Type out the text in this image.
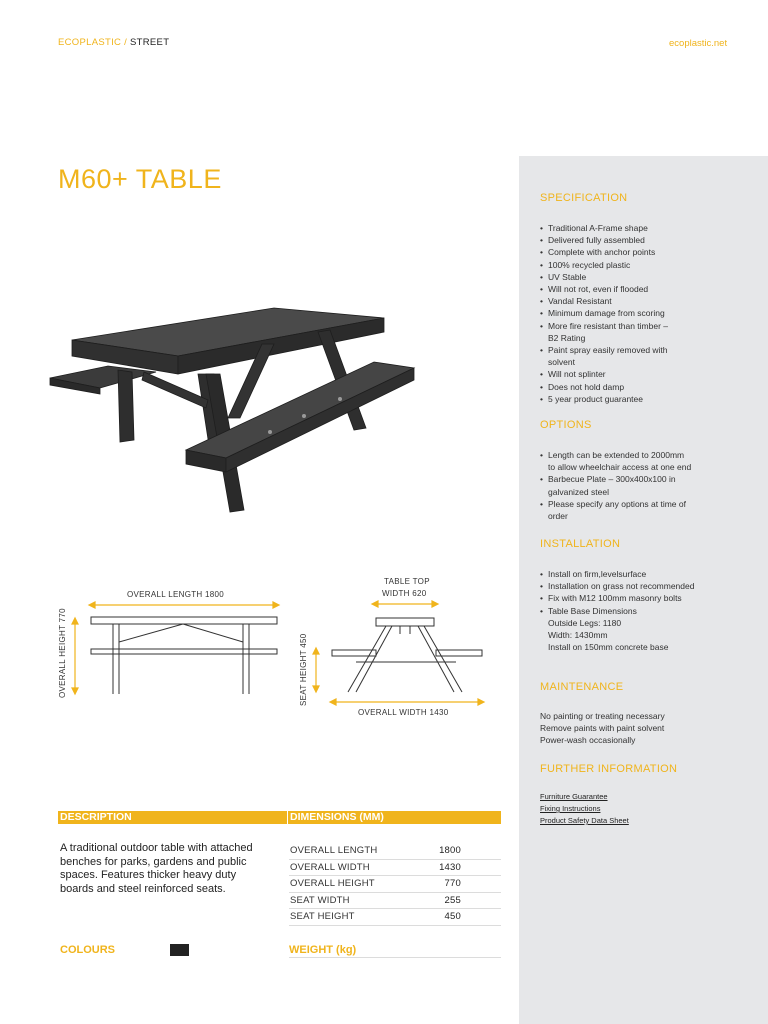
ECOPLASTIC / STREET	ecoplastic.net
M60+ TABLE
OVERALL LENGTH 1800
OVERALL HEIGHT 770
TABLE TOP
WIDTH 620
SEAT HEIGHT 450
OVERALL WIDTH 1430
SPECIFICATION
• Traditional A-Frame shape
• Delivered fully assembled
• Complete with anchor points
• 100% recycled plastic
• UV Stable
• Will not rot, even if flooded
• Vandal Resistant
• Minimum damage from scoring
• More fire resistant than timber –
B2 Rating
• Paint spray easily removed with
solvent
• Will not splinter
• Does not hold damp
• 5 year product guarantee
OPTIONS
• Length can be extended to 2000mm
to allow wheelchair access at one end
• Barbecue Plate – 300x400x100 in
galvanized steel
• Please specify any options at time of
order
INSTALLATION
• Install on firm,levelsurface
• Installation on grass not recommended
• Fix with M12 100mm masonry bolts
• Table Base Dimensions
Outside Legs: 1180
Width: 1430mm
Install on 150mm concrete base
MAINTENANCE
No painting or treating necessary
Remove paints with paint solvent
Power-wash occasionally
FURTHER INFORMATION
Furniture Guarantee
Fixing Instructions
Product Safety Data Sheet
DESCRIPTION	DIMENSIONS (MM)
A traditional outdoor table with attached benches for parks, gardens and public spaces. Features thicker heavy duty boards and steel reinforced seats.
OVERALL LENGTH	1800
OVERALL WIDTH	1430
OVERALL HEIGHT	770
SEAT WIDTH	255
SEAT HEIGHT	450
COLOURS	WEIGHT (kg)
